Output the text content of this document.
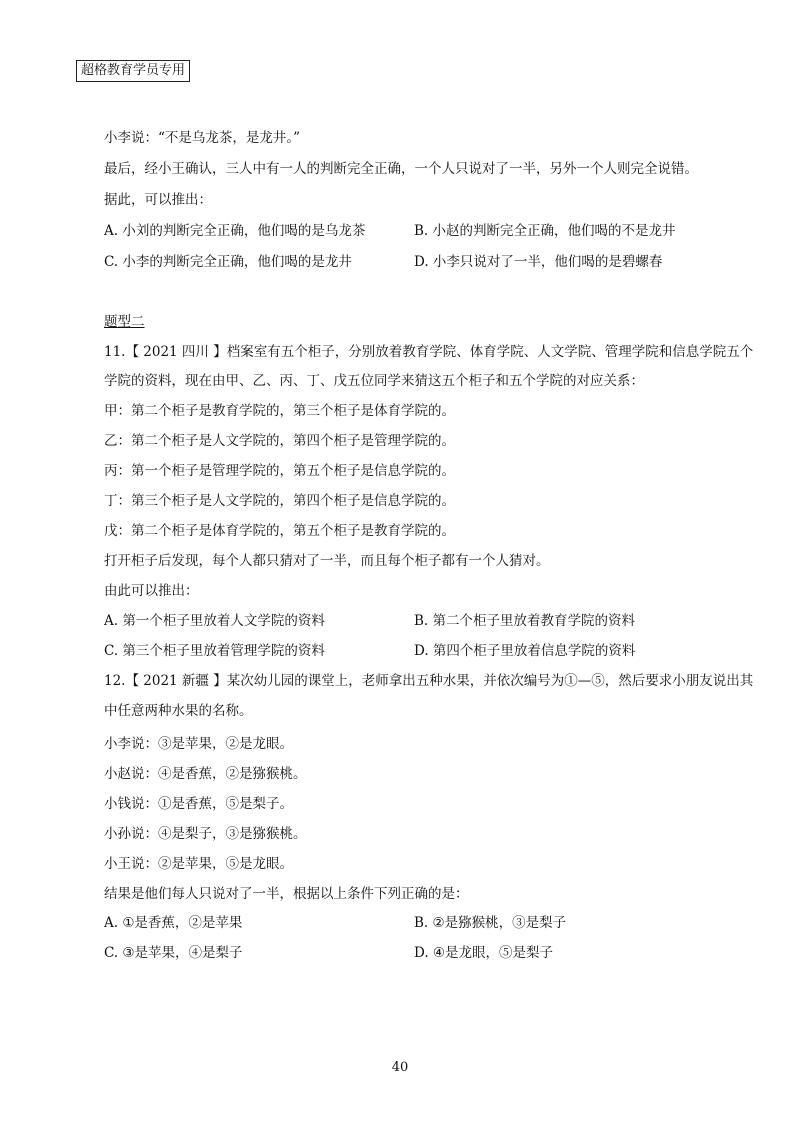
超格教育学员专用
小李说：“不是乌龙茶，是龙井。”
最后，经小王确认，三人中有一人的判断完全正确，一个人只说对了一半，另外一个人则完全说错。
据此，可以推出：
A. 小刘的判断完全正确，他们喝的是乌龙茶	B. 小赵的判断完全正确，他们喝的不是龙井
C. 小李的判断完全正确，他们喝的是龙井	D. 小李只说对了一半，他们喝的是碧螺春
题型二
11.【 2021 四川 】档案室有五个柜子，分别放着教育学院、体育学院、人文学院、管理学院和信息学院五个
学院的资料，现在由甲、乙、丙、丁、戊五位同学来猜这五个柜子和五个学院的对应关系：
甲：第二个柜子是教育学院的，第三个柜子是体育学院的。
乙：第二个柜子是人文学院的，第四个柜子是管理学院的。
丙：第一个柜子是管理学院的，第五个柜子是信息学院的。
丁：第三个柜子是人文学院的，第四个柜子是信息学院的。
戊：第二个柜子是体育学院的，第五个柜子是教育学院的。
打开柜子后发现，每个人都只猜对了一半，而且每个柜子都有一个人猜对。
由此可以推出：
A. 第一个柜子里放着人文学院的资料	B. 第二个柜子里放着教育学院的资料
C. 第三个柜子里放着管理学院的资料	D. 第四个柜子里放着信息学院的资料
12.【 2021 新疆 】某次幼儿园的课堂上，老师拿出五种水果，并依次编号为①—⑤，然后要求小朋友说出其
中任意两种水果的名称。
小李说：③是苹果，②是龙眼。
小赵说：④是香蕉，②是猕猴桃。
小钱说：①是香蕉，⑤是梨子。
小孙说：④是梨子，③是猕猴桃。
小王说：②是苹果，⑤是龙眼。
结果是他们每人只说对了一半，根据以上条件下列正确的是：
A. ①是香蕉，②是苹果	B. ②是猕猴桃，③是梨子
C. ③是苹果，④是梨子	D. ④是龙眼，⑤是梨子
40
